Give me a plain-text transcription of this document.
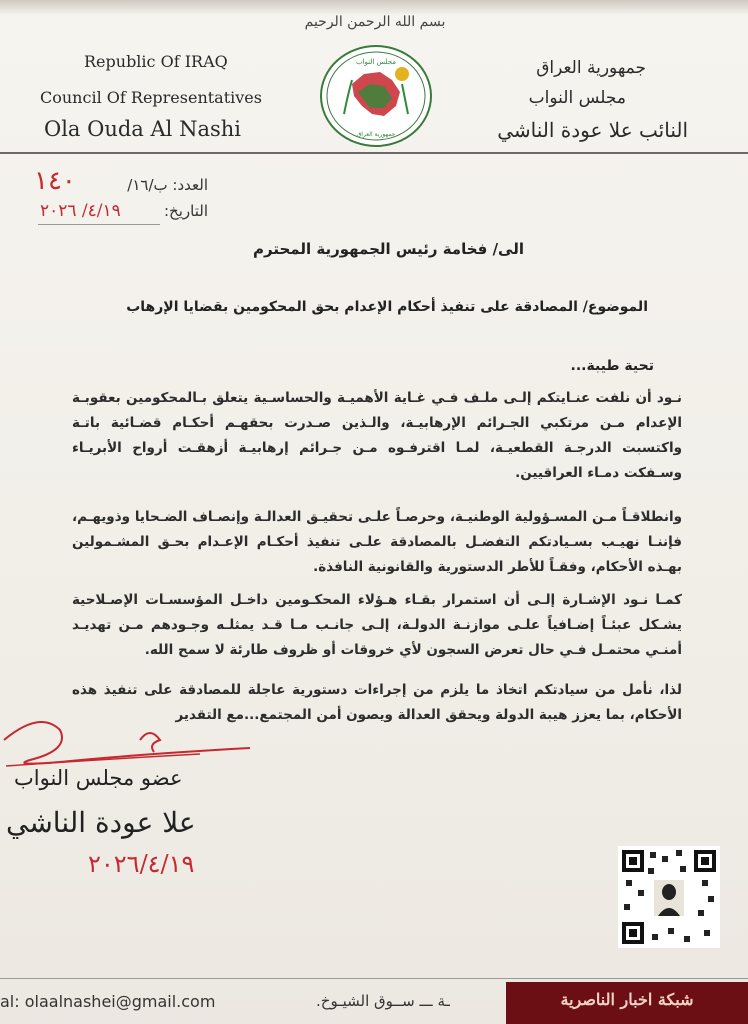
بسم الله الرحمن الرحيم
Republic Of IRAQ
Council Of Representatives
Ola Ouda Al Nashi
جمهورية العراق
مجلس النواب
النائب علا عودة الناشي
مجلس النواب
جمهورية العراق
العدد: ب/١٦/
١٤٠
التاريخ:
٤/١٩/ ٢٠٢٦
الى/ فخامة رئيس الجمهورية المحترم
الموضوع/ المصادقة على تنفيذ أحكام الإعدام بحق المحكومين بقضايا الإرهاب
تحية طيبة...
نـود أن نلفت عنـايتكم إلـى ملـف فـي غـاية الأهميـة والحساسـية يتعلق بـالمحكومين بعقوبـة الإعدام مـن مرتكبي الجـرائم الإرهابيـة، والـذين صـدرت بحقهـم أحكـام قضـائية باتـة واكتسبت الدرجـة القطعيـة، لمـا اقترفـوه مـن جـرائم إرهابيـة أزهقـت أرواح الأبريـاء وسـفكت دمـاء العراقيين.
وانطلاقـاً مـن المسـؤولية الوطنيـة، وحرصـاً علـى تحقيـق العدالـة وإنصـاف الضـحايا وذويهـم، فإننـا نهيـب بسـيادتكم التفضـل بالمصادقة علـى تنفيذ أحكـام الإعـدام بحـق المشـمولين بهـذه الأحكام، وفقـاً للأطر الدستورية والقانونية النافذة.
كمـا نـود الإشـارة إلـى أن استمرار بقـاء هـؤلاء المحكـومين داخـل المؤسسـات الإصـلاحية يشـكل عبئـاً إضـافياً علـى موازنـة الدولـة، إلـى جانـب مـا قـد يمثلـه وجـودهم مـن تهديـد أمنـي محتمـل فـي حال تعرض السجون لأي خروقات أو ظروف طارئة لا سمح الله.
لذا، نأمل من سيادتكم اتخاذ ما يلزم من إجراءات دستورية عاجلة للمصادقة على تنفيذ هذه الأحكام، بما يعزز هيبة الدولة ويحقق العدالة ويصون أمن المجتمع...مع التقدير
عضو مجلس النواب
علا عودة الناشي
٢٠٢٦/٤/١٩
al: olaalnashei@gmail.com	ـة ـــ ســوق الشيـوخ.	شبكة اخبار الناصرية
